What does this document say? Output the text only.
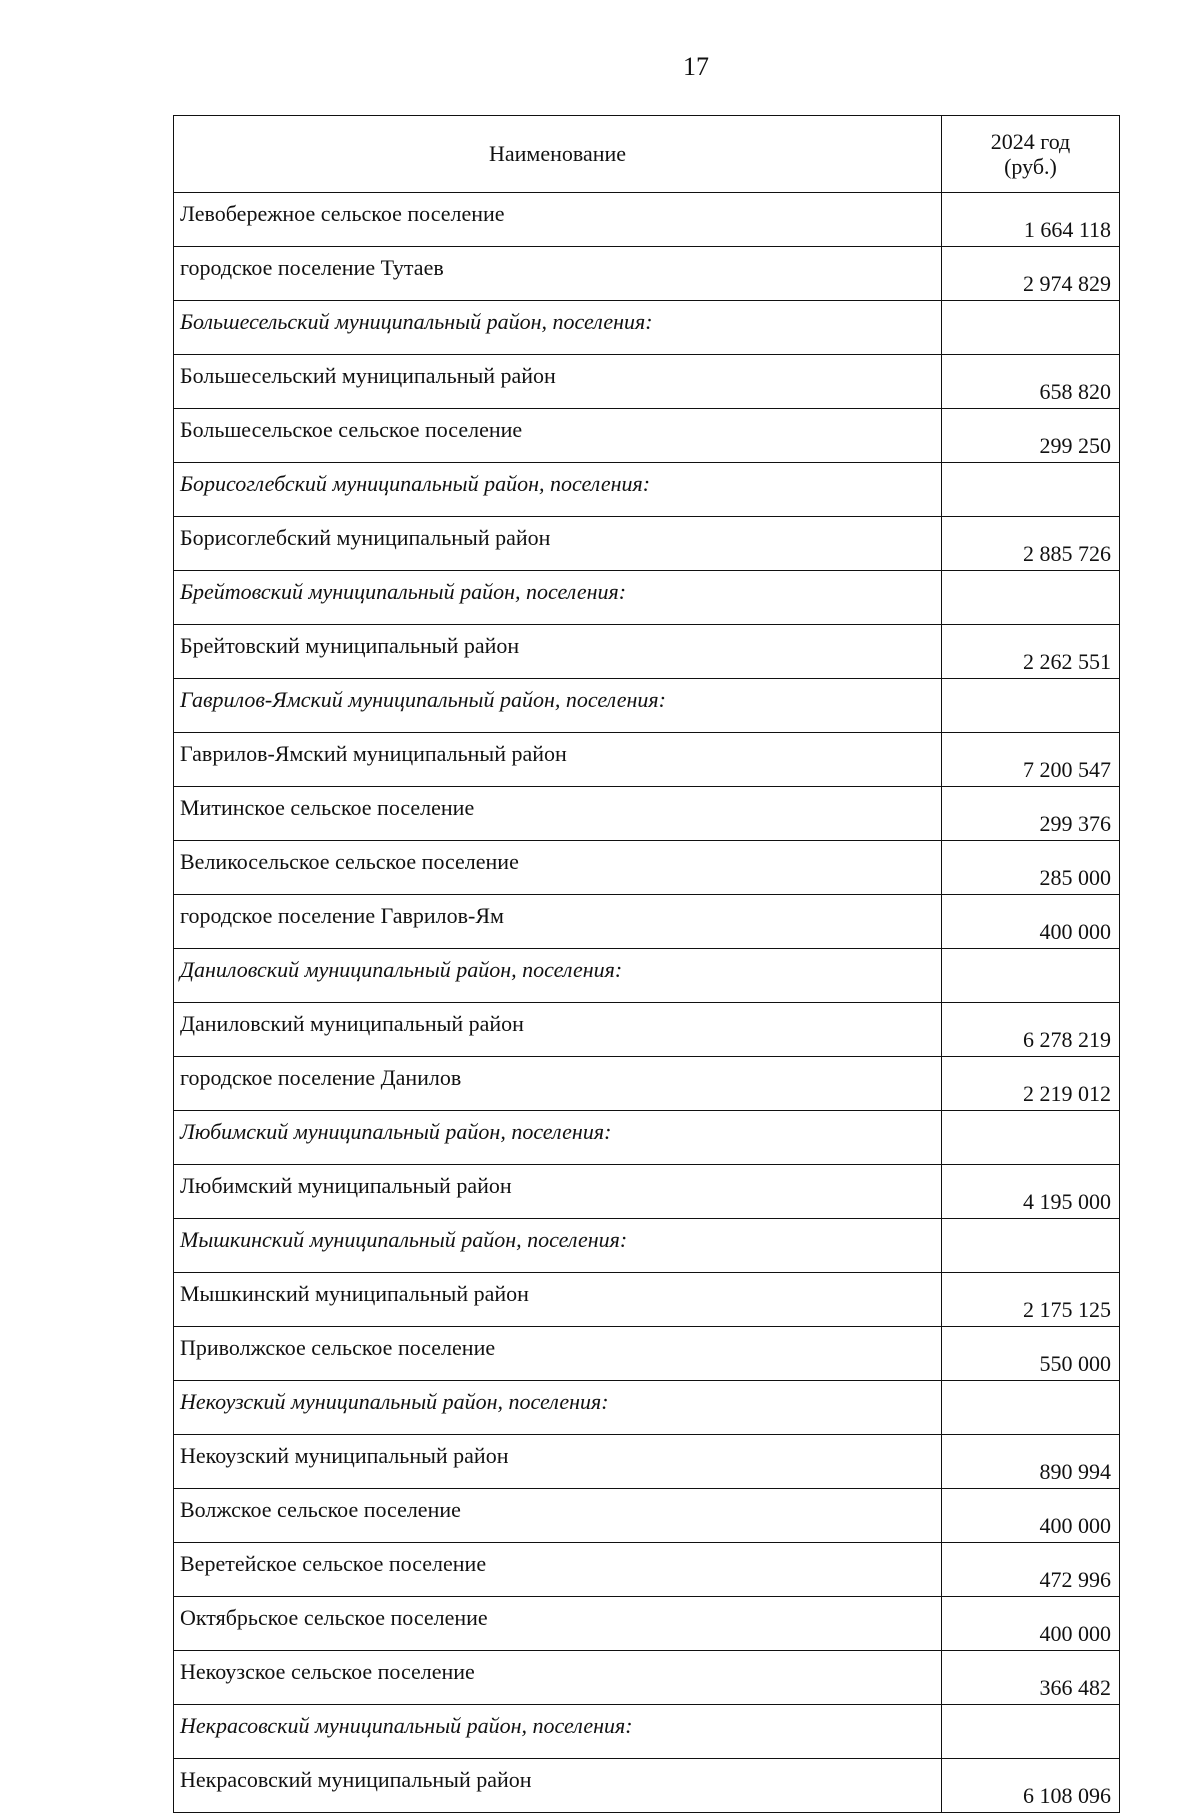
17
Наименование	2024 год
(руб.)
Левобережное сельское поселение	1 664 118
городское поселение Тутаев	2 974 829
Большесельский муниципальный район, поселения:	
Большесельский муниципальный район	658 820
Большесельское сельское поселение	299 250
Борисоглебский муниципальный район, поселения:	
Борисоглебский муниципальный район	2 885 726
Брейтовский муниципальный район, поселения:	
Брейтовский муниципальный район	2 262 551
Гаврилов-Ямский муниципальный район, поселения:	
Гаврилов-Ямский муниципальный район	7 200 547
Митинское сельское поселение	299 376
Великосельское сельское поселение	285 000
городское поселение Гаврилов-Ям	400 000
Даниловский муниципальный район, поселения:	
Даниловский муниципальный район	6 278 219
городское поселение Данилов	2 219 012
Любимский муниципальный район, поселения:	
Любимский муниципальный район	4 195 000
Мышкинский муниципальный район, поселения:	
Мышкинский муниципальный район	2 175 125
Приволжское сельское поселение	550 000
Некоузский муниципальный район, поселения:	
Некоузский муниципальный район	890 994
Волжское сельское поселение	400 000
Веретейское сельское поселение	472 996
Октябрьское сельское поселение	400 000
Некоузское сельское поселение	366 482
Некрасовский муниципальный район, поселения:	
Некрасовский муниципальный район	6 108 096
